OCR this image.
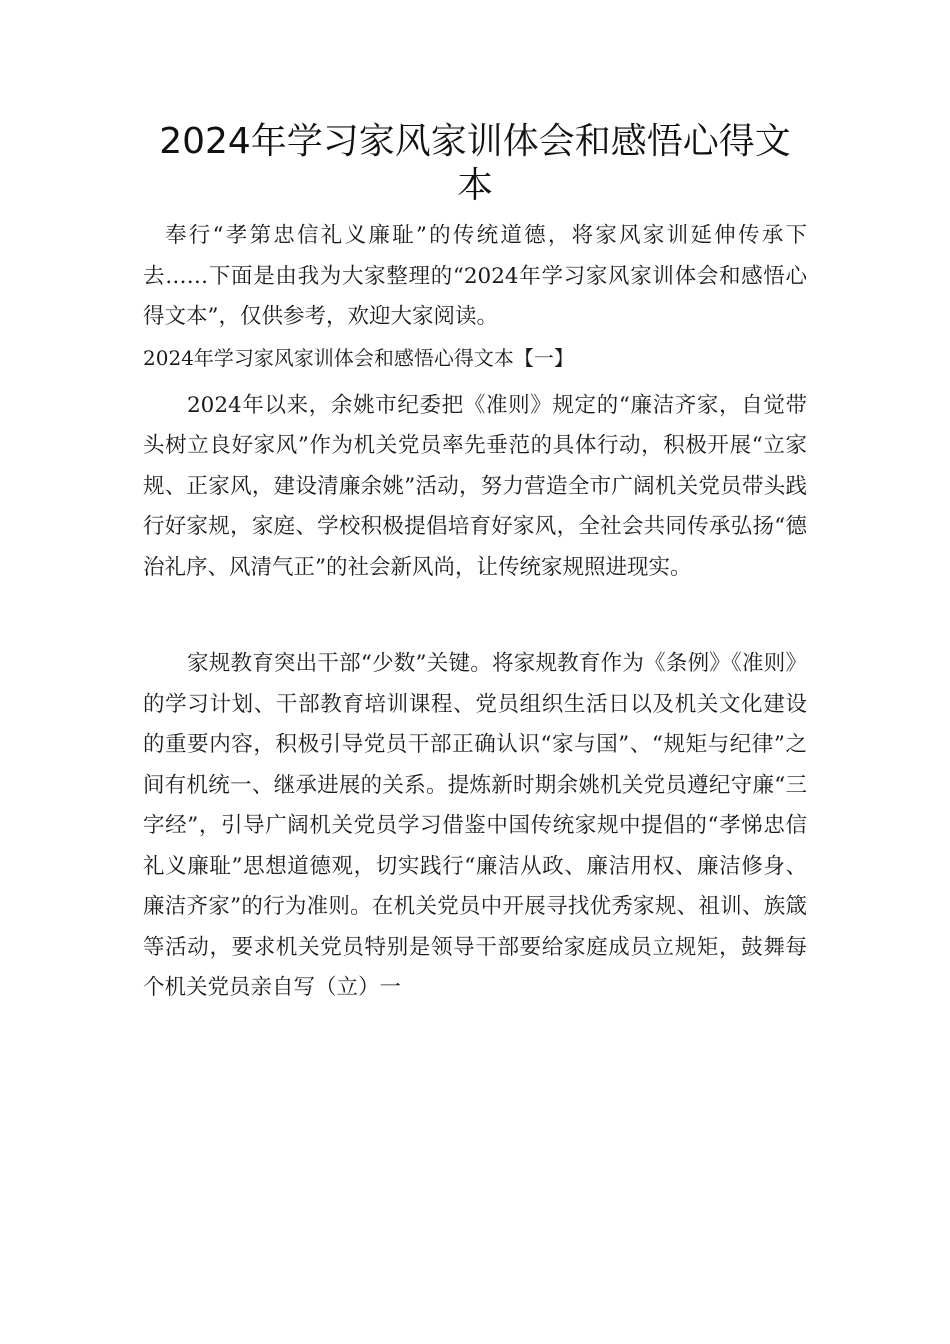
2024年学习家风家训体会和感悟心得文本

奉行“孝第忠信礼义廉耻”的传统道德，将家风家训延伸传承下去……下面是由我为大家整理的“2024年学习家风家训体会和感悟心得文本”，仅供参考，欢迎大家阅读。

2024年学习家风家训体会和感悟心得文本【一】

2024年以来，余姚市纪委把《准则》规定的“廉洁齐家，自觉带头树立良好家风”作为机关党员率先垂范的具体行动，积极开展“立家规、正家风，建设清廉余姚”活动，努力营造全市广阔机关党员带头践行好家规，家庭、学校积极提倡培育好家风，全社会共同传承弘扬“德治礼序、风清气正”的社会新风尚，让传统家规照进现实。

家规教育突出干部“少数”关键。将家规教育作为《条例》《准则》的学习计划、干部教育培训课程、党员组织生活日以及机关文化建设的重要内容，积极引导党员干部正确认识“家与国”、“规矩与纪律”之间有机统一、继承进展的关系。提炼新时期余姚机关党员遵纪守廉“三字经”，引导广阔机关党员学习借鉴中国传统家规中提倡的“孝悌忠信礼义廉耻”思想道德观，切实践行“廉洁从政、廉洁用权、廉洁修身、廉洁齐家”的行为准则。在机关党员中开展寻找优秀家规、祖训、族箴等活动，要求机关党员特别是领导干部要给家庭成员立规矩，鼓舞每个机关党员亲自写（立）一
